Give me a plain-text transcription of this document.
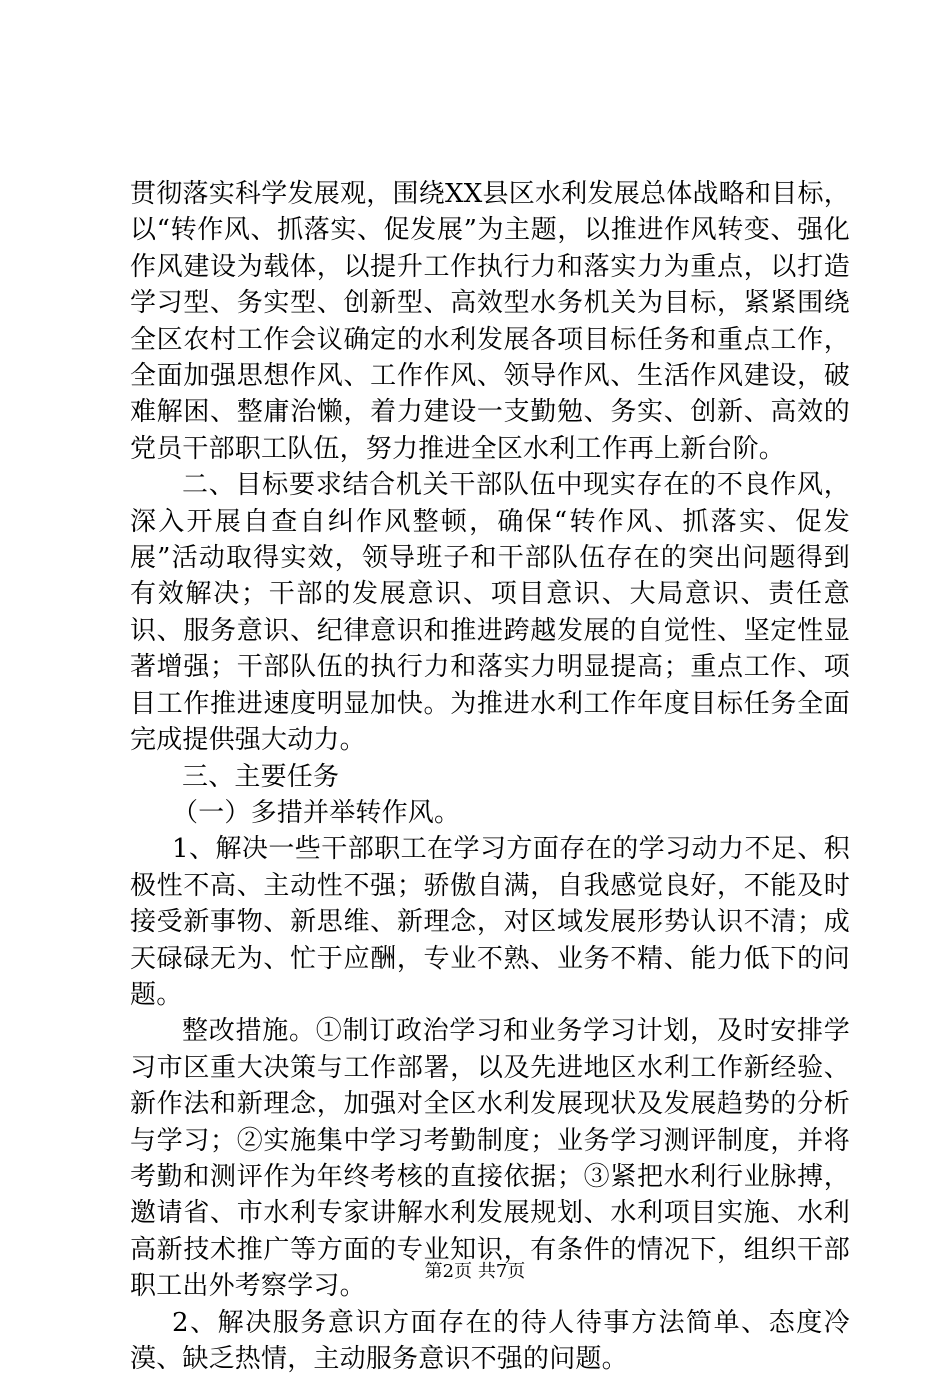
贯彻落实科学发展观，围绕XX县区水利发展总体战略和目标，以“转作风、抓落实、促发展”为主题，以推进作风转变、强化作风建设为载体，以提升工作执行力和落实力为重点，以打造学习型、务实型、创新型、高效型水务机关为目标，紧紧围绕全区农村工作会议确定的水利发展各项目标任务和重点工作，全面加强思想作风、工作作风、领导作风、生活作风建设，破难解困、整庸治懒，着力建设一支勤勉、务实、创新、高效的党员干部职工队伍，努力推进全区水利工作再上新台阶。

二、目标要求结合机关干部队伍中现实存在的不良作风，深入开展自查自纠作风整顿，确保“转作风、抓落实、促发展”活动取得实效，领导班子和干部队伍存在的突出问题得到有效解决；干部的发展意识、项目意识、大局意识、责任意识、服务意识、纪律意识和推进跨越发展的自觉性、坚定性显著增强；干部队伍的执行力和落实力明显提高；重点工作、项目工作推进速度明显加快。为推进水利工作年度目标任务全面完成提供强大动力。

三、主要任务

（一）多措并举转作风。

1、解决一些干部职工在学习方面存在的学习动力不足、积极性不高、主动性不强；骄傲自满，自我感觉良好，不能及时接受新事物、新思维、新理念，对区域发展形势认识不清；成天碌碌无为、忙于应酬，专业不熟、业务不精、能力低下的问题。

整改措施。①制订政治学习和业务学习计划，及时安排学习市区重大决策与工作部署，以及先进地区水利工作新经验、新作法和新理念，加强对全区水利发展现状及发展趋势的分析与学习；②实施集中学习考勤制度；业务学习测评制度，并将考勤和测评作为年终考核的直接依据；③紧把水利行业脉搏，邀请省、市水利专家讲解水利发展规划、水利项目实施、水利高新技术推广等方面的专业知识，有条件的情况下，组织干部职工出外考察学习。

2、解决服务意识方面存在的待人待事方法简单、态度冷漠、缺乏热情，主动服务意识不强的问题。

第2页 共7页
